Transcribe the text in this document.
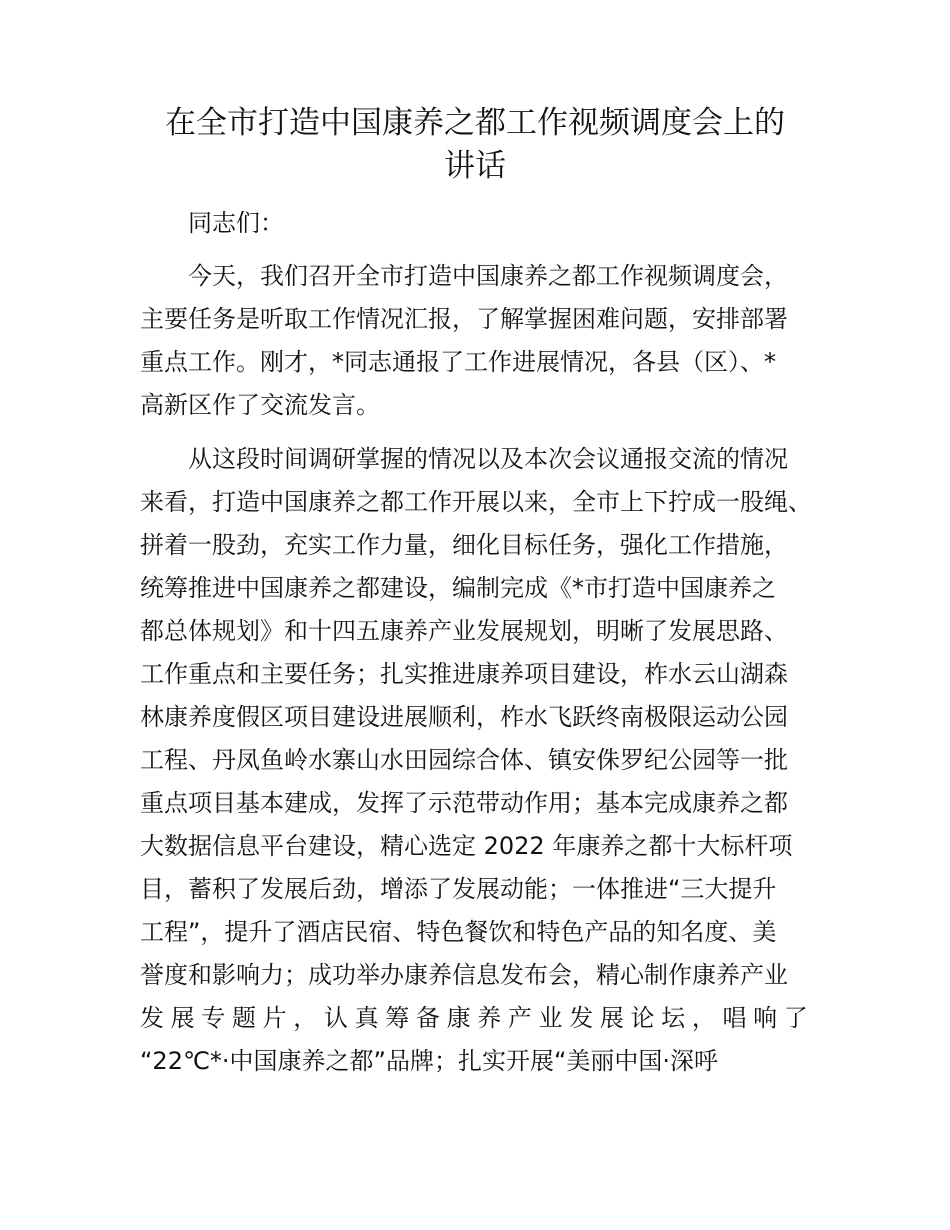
在全市打造中国康养之都工作视频调度会上的
讲话
同志们：
今天，我们召开全市打造中国康养之都工作视频调度会，
主要任务是听取工作情况汇报，了解掌握困难问题，安排部署
重点工作。刚才，*同志通报了工作进展情况，各县（区）、*
高新区作了交流发言。
从这段时间调研掌握的情况以及本次会议通报交流的情况
来看，打造中国康养之都工作开展以来，全市上下拧成一股绳、
拼着一股劲，充实工作力量，细化目标任务，强化工作措施，
统筹推进中国康养之都建设，编制完成《*市打造中国康养之
都总体规划》和十四五康养产业发展规划，明晰了发展思路、
工作重点和主要任务；扎实推进康养项目建设，柞水云山湖森
林康养度假区项目建设进展顺利，柞水飞跃终南极限运动公园
工程、丹凤鱼岭水寨山水田园综合体、镇安侏罗纪公园等一批
重点项目基本建成，发挥了示范带动作用；基本完成康养之都
大数据信息平台建设，精心选定 2022 年康养之都十大标杆项
目，蓄积了发展后劲，增添了发展动能；一体推进“三大提升
工程”，提升了酒店民宿、特色餐饮和特色产品的知名度、美
誉度和影响力；成功举办康养信息发布会，精心制作康养产业
发 展 专 题 片 ， 认 真 筹 备 康 养 产 业 发 展 论 坛 ， 唱 响 了
“22℃*·中国康养之都”品牌；扎实开展“美丽中国·深呼
